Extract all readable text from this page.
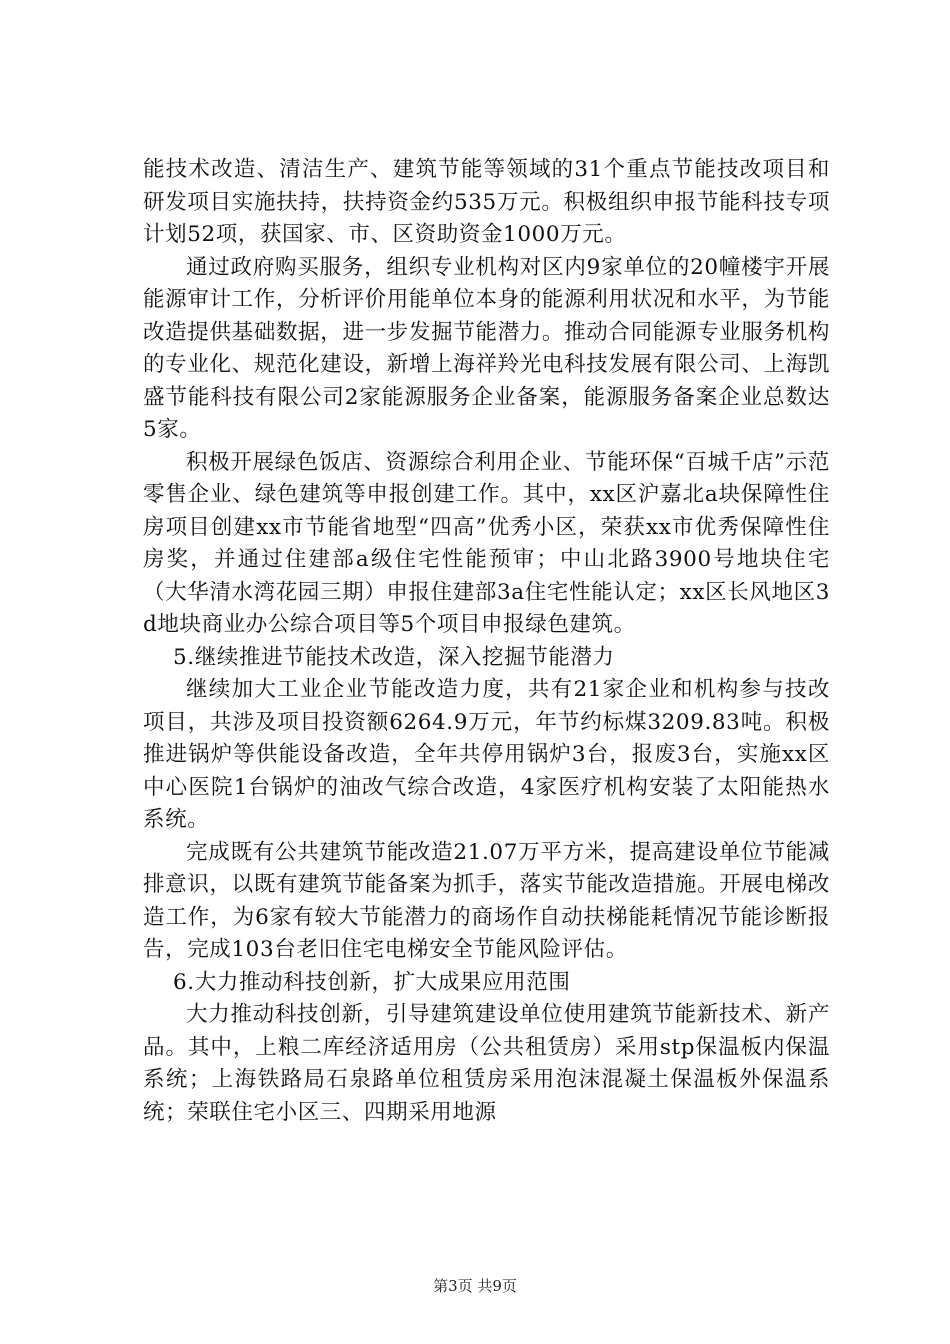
能技术改造、清洁生产、建筑节能等领域的31个重点节能技改项目和研发项目实施扶持，扶持资金约535万元。积极组织申报节能科技专项计划52项，获国家、市、区资助资金1000万元。

通过政府购买服务，组织专业机构对区内9家单位的20幢楼宇开展能源审计工作，分析评价用能单位本身的能源利用状况和水平，为节能改造提供基础数据，进一步发掘节能潜力。推动合同能源专业服务机构的专业化、规范化建设，新增上海祥羚光电科技发展有限公司、上海凯盛节能科技有限公司2家能源服务企业备案，能源服务备案企业总数达5家。

积极开展绿色饭店、资源综合利用企业、节能环保“百城千店”示范零售企业、绿色建筑等申报创建工作。其中，xx区沪嘉北a块保障性住房项目创建xx市节能省地型“四高”优秀小区，荣获xx市优秀保障性住房奖，并通过住建部a级住宅性能预审；中山北路3900号地块住宅（大华清水湾花园三期）申报住建部3a住宅性能认定；xx区长风地区3d地块商业办公综合项目等5个项目申报绿色建筑。

5.继续推进节能技术改造，深入挖掘节能潜力

继续加大工业企业节能改造力度，共有21家企业和机构参与技改项目，共涉及项目投资额6264.9万元，年节约标煤3209.83吨。积极推进锅炉等供能设备改造，全年共停用锅炉3台，报废3台，实施xx区中心医院1台锅炉的油改气综合改造，4家医疗机构安装了太阳能热水系统。

完成既有公共建筑节能改造21.07万平方米，提高建设单位节能减排意识，以既有建筑节能备案为抓手，落实节能改造措施。开展电梯改造工作，为6家有较大节能潜力的商场作自动扶梯能耗情况节能诊断报告，完成103台老旧住宅电梯安全节能风险评估。

6.大力推动科技创新，扩大成果应用范围

大力推动科技创新，引导建筑建设单位使用建筑节能新技术、新产品。其中，上粮二库经济适用房（公共租赁房）采用stp保温板内保温系统；上海铁路局石泉路单位租赁房采用泡沫混凝土保温板外保温系统；荣联住宅小区三、四期采用地源

第3页 共9页
